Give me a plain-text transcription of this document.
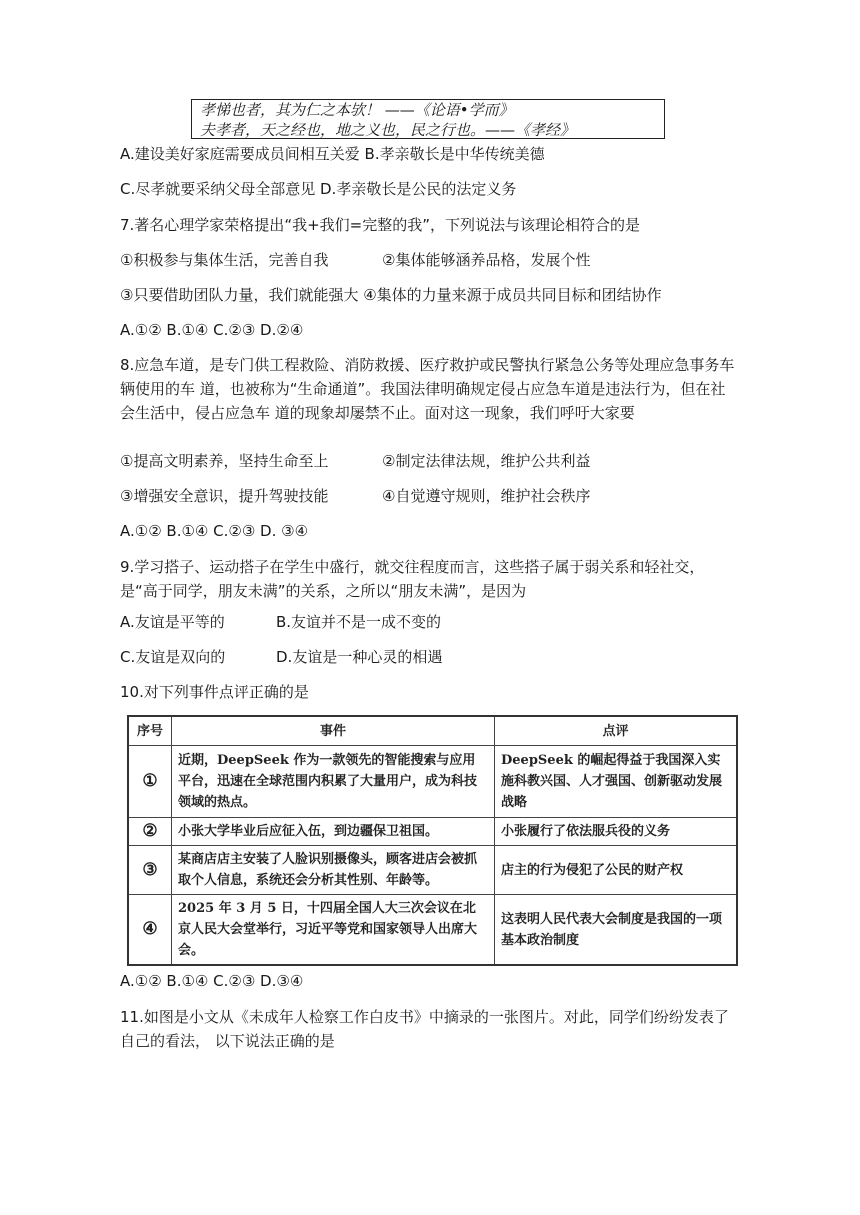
孝悌也者，其为仁之本欤！ ——《论语•学而》
夫孝者，天之经也，地之义也，民之行也。——《孝经》
A.建设美好家庭需要成员间相互关爱 B.孝亲敬长是中华传统美德
C.尽孝就要采纳父母全部意见 D.孝亲敬长是公民的法定义务
7.著名心理学家荣格提出“我+我们=完整的我”，下列说法与该理论相符合的是
①积极参与集体生活，完善自我	②集体能够涵养品格，发展个性
③只要借助团队力量，我们就能强大 ④集体的力量来源于成员共同目标和团结协作
A.①② B.①④ C.②③ D.②④
8.应急车道，是专门供工程救险、消防救援、医疗救护或民警执行紧急公务等处理应急事务车辆使用的车 道，也被称为“生命通道”。我国法律明确规定侵占应急车道是违法行为，但在社会生活中，侵占应急车 道的现象却屡禁不止。面对这一现象，我们呼吁大家要
①提高文明素养，坚持生命至上	②制定法律法规，维护公共利益
③增强安全意识，提升驾驶技能	④自觉遵守规则，维护社会秩序
A.①② B.①④ C.②③ D. ③④
9.学习搭子、运动搭子在学生中盛行，就交往程度而言，这些搭子属于弱关系和轻社交，是“高于同学，朋友未满”的关系，之所以“朋友未满”，是因为
A.友谊是平等的	B.友谊并不是一成不变的
C.友谊是双向的	D.友谊是一种心灵的相遇
10.对下列事件点评正确的是
序号	事件	点评
①	近期，DeepSeek 作为一款领先的智能搜索与应用平台，迅速在全球范围内积累了大量用户，成为科技领域的热点。	DeepSeek 的崛起得益于我国深入实施科教兴国、人才强国、创新驱动发展战略
②	小张大学毕业后应征入伍，到边疆保卫祖国。	小张履行了依法服兵役的义务
③	某商店店主安装了人脸识别摄像头，顾客进店会被抓取个人信息，系统还会分析其性别、年龄等。	店主的行为侵犯了公民的财产权
④	2025 年 3 月 5 日，十四届全国人大三次会议在北京人民大会堂举行，习近平等党和国家领导人出席大会。	这表明人民代表大会制度是我国的一项基本政治制度
A.①② B.①④ C.②③ D.③④
11.如图是小文从《未成年人检察工作白皮书》中摘录的一张图片。对此，同学们纷纷发表了自己的看法， 以下说法正确的是
